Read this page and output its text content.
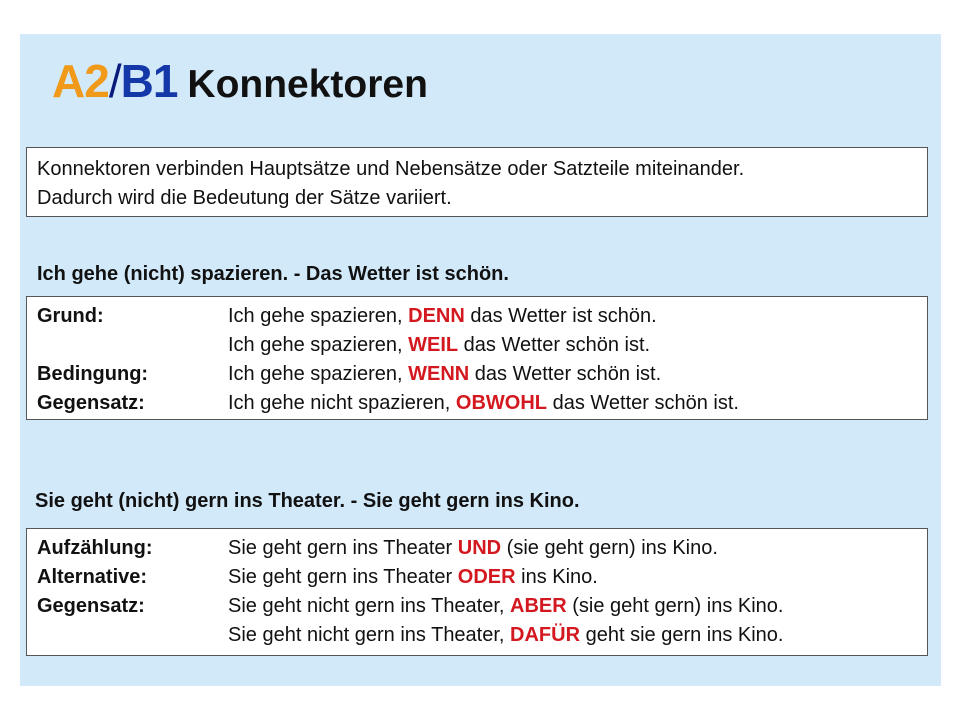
A2/B1 Konnektoren

Konnektoren verbinden Hauptsätze und Nebensätze oder Satzteile miteinander.

Dadurch wird die Bedeutung der Sätze variiert.

Ich gehe (nicht) spazieren. - Das Wetter ist schön.
Grund:	Ich gehe spazieren, DENN das Wetter ist schön.
Ich gehe spazieren, WEIL das Wetter schön ist.
Bedingung:	Ich gehe spazieren, WENN das Wetter schön ist.
Gegensatz:	Ich gehe nicht spazieren, OBWOHL das Wetter schön ist.
Sie geht (nicht) gern ins Theater. - Sie geht gern ins Kino.
Aufzählung:	Sie geht gern ins Theater UND (sie geht gern) ins Kino.
Alternative:	Sie geht gern ins Theater ODER ins Kino.
Gegensatz:	Sie geht nicht gern ins Theater, ABER (sie geht gern) ins Kino.
Sie geht nicht gern ins Theater, DAFÜR geht sie gern ins Kino.
